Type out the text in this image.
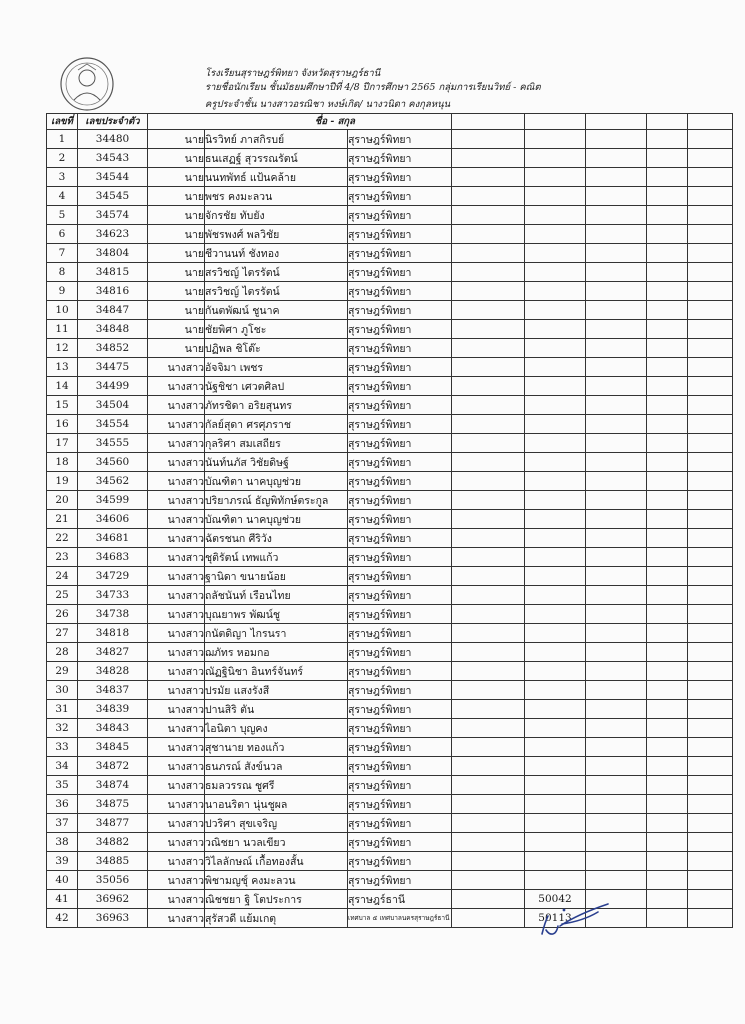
โรงเรียนสุราษฎร์พิทยา จังหวัดสุราษฎร์ธานี
รายชื่อนักเรียน ชั้นมัธยมศึกษาปีที่ 4/8 ปีการศึกษา 2565 กลุ่มการเรียนวิทย์ - คณิต
ครูประจำชั้น นางสาวอรณิชา หงษ์เกิด/ นางวนิดา คงกุลหนุน
เลขที่	เลขประจำตัว	ชื่อ - สกุล							
1	34480	นาย	นิรวิทย์ ภาสกิรบย์	สุราษฎร์พิทยา					
2	34543	นาย	ธนเสฏฐ์ สุวรรณรัตน์	สุราษฎร์พิทยา					
3	34544	นาย	นนทพัทธ์ แป้นคล้าย	สุราษฎร์พิทยา					
4	34545	นาย	พชร คงมะลวน	สุราษฎร์พิทยา					
5	34574	นาย	จักรชัย ทับยัง	สุราษฎร์พิทยา					
6	34623	นาย	พัชรพงศ์ พลวิชัย	สุราษฎร์พิทยา					
7	34804	นาย	ชีวานนท์ ชังทอง	สุราษฎร์พิทยา					
8	34815	นาย	สรวิชญ์ ไตรรัตน์	สุราษฎร์พิทยา					
9	34816	นาย	สรวิชญ์ ไตรรัตน์	สุราษฎร์พิทยา					
10	34847	นาย	กันตพัฒน์ ชูนาค	สุราษฎร์พิทยา					
11	34848	นาย	ชัยพิศา ภูโชะ	สุราษฎร์พิทยา					
12	34852	นาย	ปฏิพล ชิโต๊ะ	สุราษฎร์พิทยา					
13	34475	นางสาว	อัจจิมา เพชร	สุราษฎร์พิทยา					
14	34499	นางสาว	นัฐชิชา เศวตศิลป	สุราษฎร์พิทยา					
15	34504	นางสาว	ภัทรชิดา อริยสุนทร	สุราษฎร์พิทยา					
16	34554	นางสาว	กัลย์สุดา ศรศุภราช	สุราษฎร์พิทยา					
17	34555	นางสาว	กุลริศา สมเสถียร	สุราษฎร์พิทยา					
18	34560	นางสาว	นันท์นภัส วิชัยดิษฐ์	สุราษฎร์พิทยา					
19	34562	นางสาว	บัณฑิตา นาคบุญช่วย	สุราษฎร์พิทยา					
20	34599	นางสาว	ปริยาภรณ์ ธัญพิทักษ์ตระกูล	สุราษฎร์พิทยา					
21	34606	นางสาว	บัณฑิตา นาคบุญช่วย	สุราษฎร์พิทยา					
22	34681	นางสาว	ฉัตรชนก ศีริวัง	สุราษฎร์พิทยา					
23	34683	นางสาว	ชุติรัตน์ เทพแก้ว	สุราษฎร์พิทยา					
24	34729	นางสาว	ฐานิดา ขนายน้อย	สุราษฎร์พิทยา					
25	34733	นางสาว	ถลัชนันท์ เรือนไทย	สุราษฎร์พิทยา					
26	34738	นางสาว	บุณยาพร พัฒน์ชู	สุราษฎร์พิทยา					
27	34818	นางสาว	กนัตดิญา ไกรนรา	สุราษฎร์พิทยา					
28	34827	นางสาว	ฌภัทร หอมกอ	สุราษฎร์พิทยา					
29	34828	นางสาว	ณัฏฐินิชา อินทร์จันทร์	สุราษฎร์พิทยา					
30	34837	นางสาว	ปรมัย แสงรังสี	สุราษฎร์พิทยา					
31	34839	นางสาว	ปานสิริ ตัน	สุราษฎร์พิทยา					
32	34843	นางสาว	ไอนิตา บุญคง	สุราษฎร์พิทยา					
33	34845	นางสาว	สุชานาย ทองแก้ว	สุราษฎร์พิทยา					
34	34872	นางสาว	ธนภรณ์ สังข์นวล	สุราษฎร์พิทยา					
35	34874	นางสาว	ธมลวรรณ ชูศรี	สุราษฎร์พิทยา					
36	34875	นางสาว	นาอนริตา นุ่นชูผล	สุราษฎร์พิทยา					
37	34877	นางสาว	ปวริศา สุขเจริญ	สุราษฎร์พิทยา					
38	34882	นางสาว	วณิชยา นวลเขียว	สุราษฎร์พิทยา					
39	34885	นางสาว	วิไลลักษณ์ เกื้อทองสั้น	สุราษฎร์พิทยา					
40	35056	นางสาว	พิชามญชุ์ คงมะลวน	สุราษฎร์พิทยา					
41	36962	นางสาว	ณิชชยา ฐิ โตประการ	สุราษฎร์ธานี		50042			
42	36963	นางสาว	สุรัสวดี แย้มเกตุ	เทศบาล ๕ เทศบาลนครสุราษฎร์ธานี		50113			
